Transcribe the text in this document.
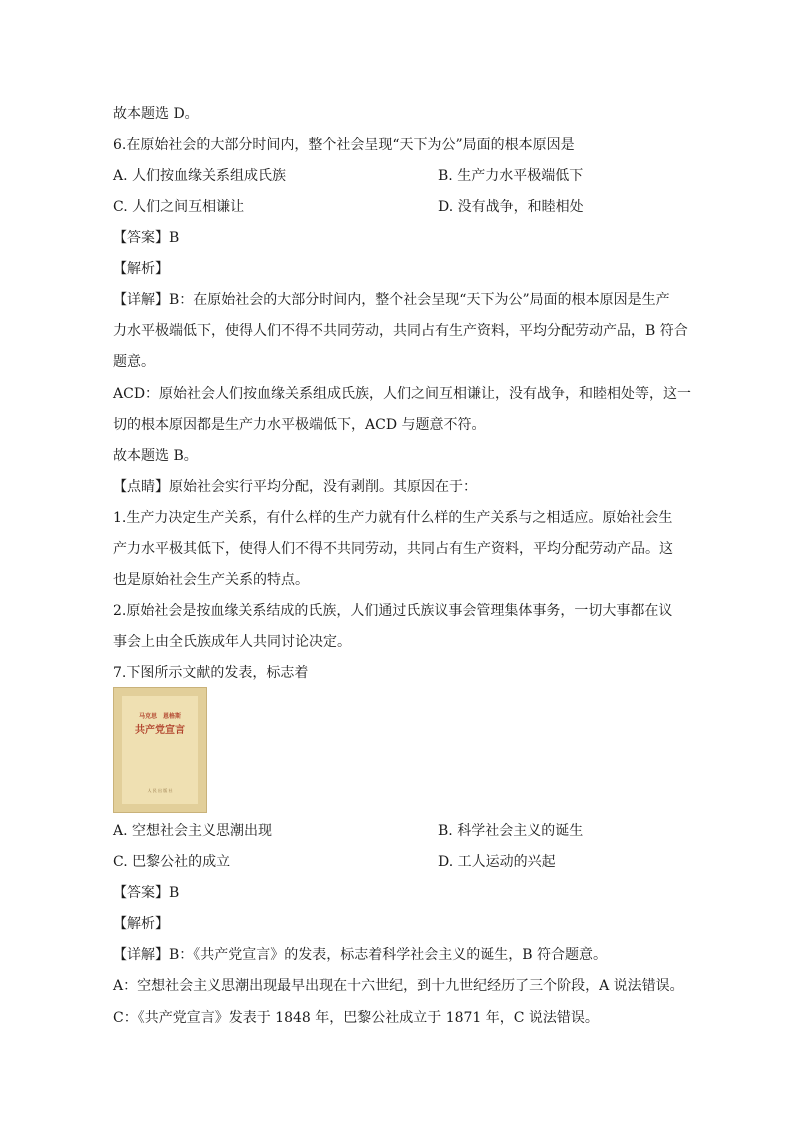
故本题选 D。
6.在原始社会的大部分时间内，整个社会呈现“天下为公”局面的根本原因是
A. 人们按血缘关系组成氏族	B. 生产力水平极端低下
C. 人们之间互相谦让	D. 没有战争，和睦相处
【答案】B
【解析】
【详解】B：在原始社会的大部分时间内，整个社会呈现“天下为公”局面的根本原因是生产
力水平极端低下，使得人们不得不共同劳动，共同占有生产资料，平均分配劳动产品，B 符合
题意。
ACD：原始社会人们按血缘关系组成氏族，人们之间互相谦让，没有战争，和睦相处等，这一
切的根本原因都是生产力水平极端低下，ACD 与题意不符。
故本题选 B。
【点睛】原始社会实行平均分配，没有剥削。其原因在于：
1.生产力决定生产关系，有什么样的生产力就有什么样的生产关系与之相适应。原始社会生
产力水平极其低下，使得人们不得不共同劳动，共同占有生产资料，平均分配劳动产品。这
也是原始社会生产关系的特点。
2.原始社会是按血缘关系结成的氏族，人们通过氏族议事会管理集体事务，一切大事都在议
事会上由全氏族成年人共同讨论决定。
7.下图所示文献的发表，标志着
马克思　恩格斯
共产党宣言
人 民 出 版 社
A. 空想社会主义思潮出现	B. 科学社会主义的诞生
C. 巴黎公社的成立	D. 工人运动的兴起
【答案】B
【解析】
【详解】B：《共产党宣言》的发表，标志着科学社会主义的诞生，B 符合题意。
A：空想社会主义思潮出现最早出现在十六世纪，到十九世纪经历了三个阶段，A 说法错误。
C：《共产党宣言》发表于 1848 年，巴黎公社成立于 1871 年，C 说法错误。
